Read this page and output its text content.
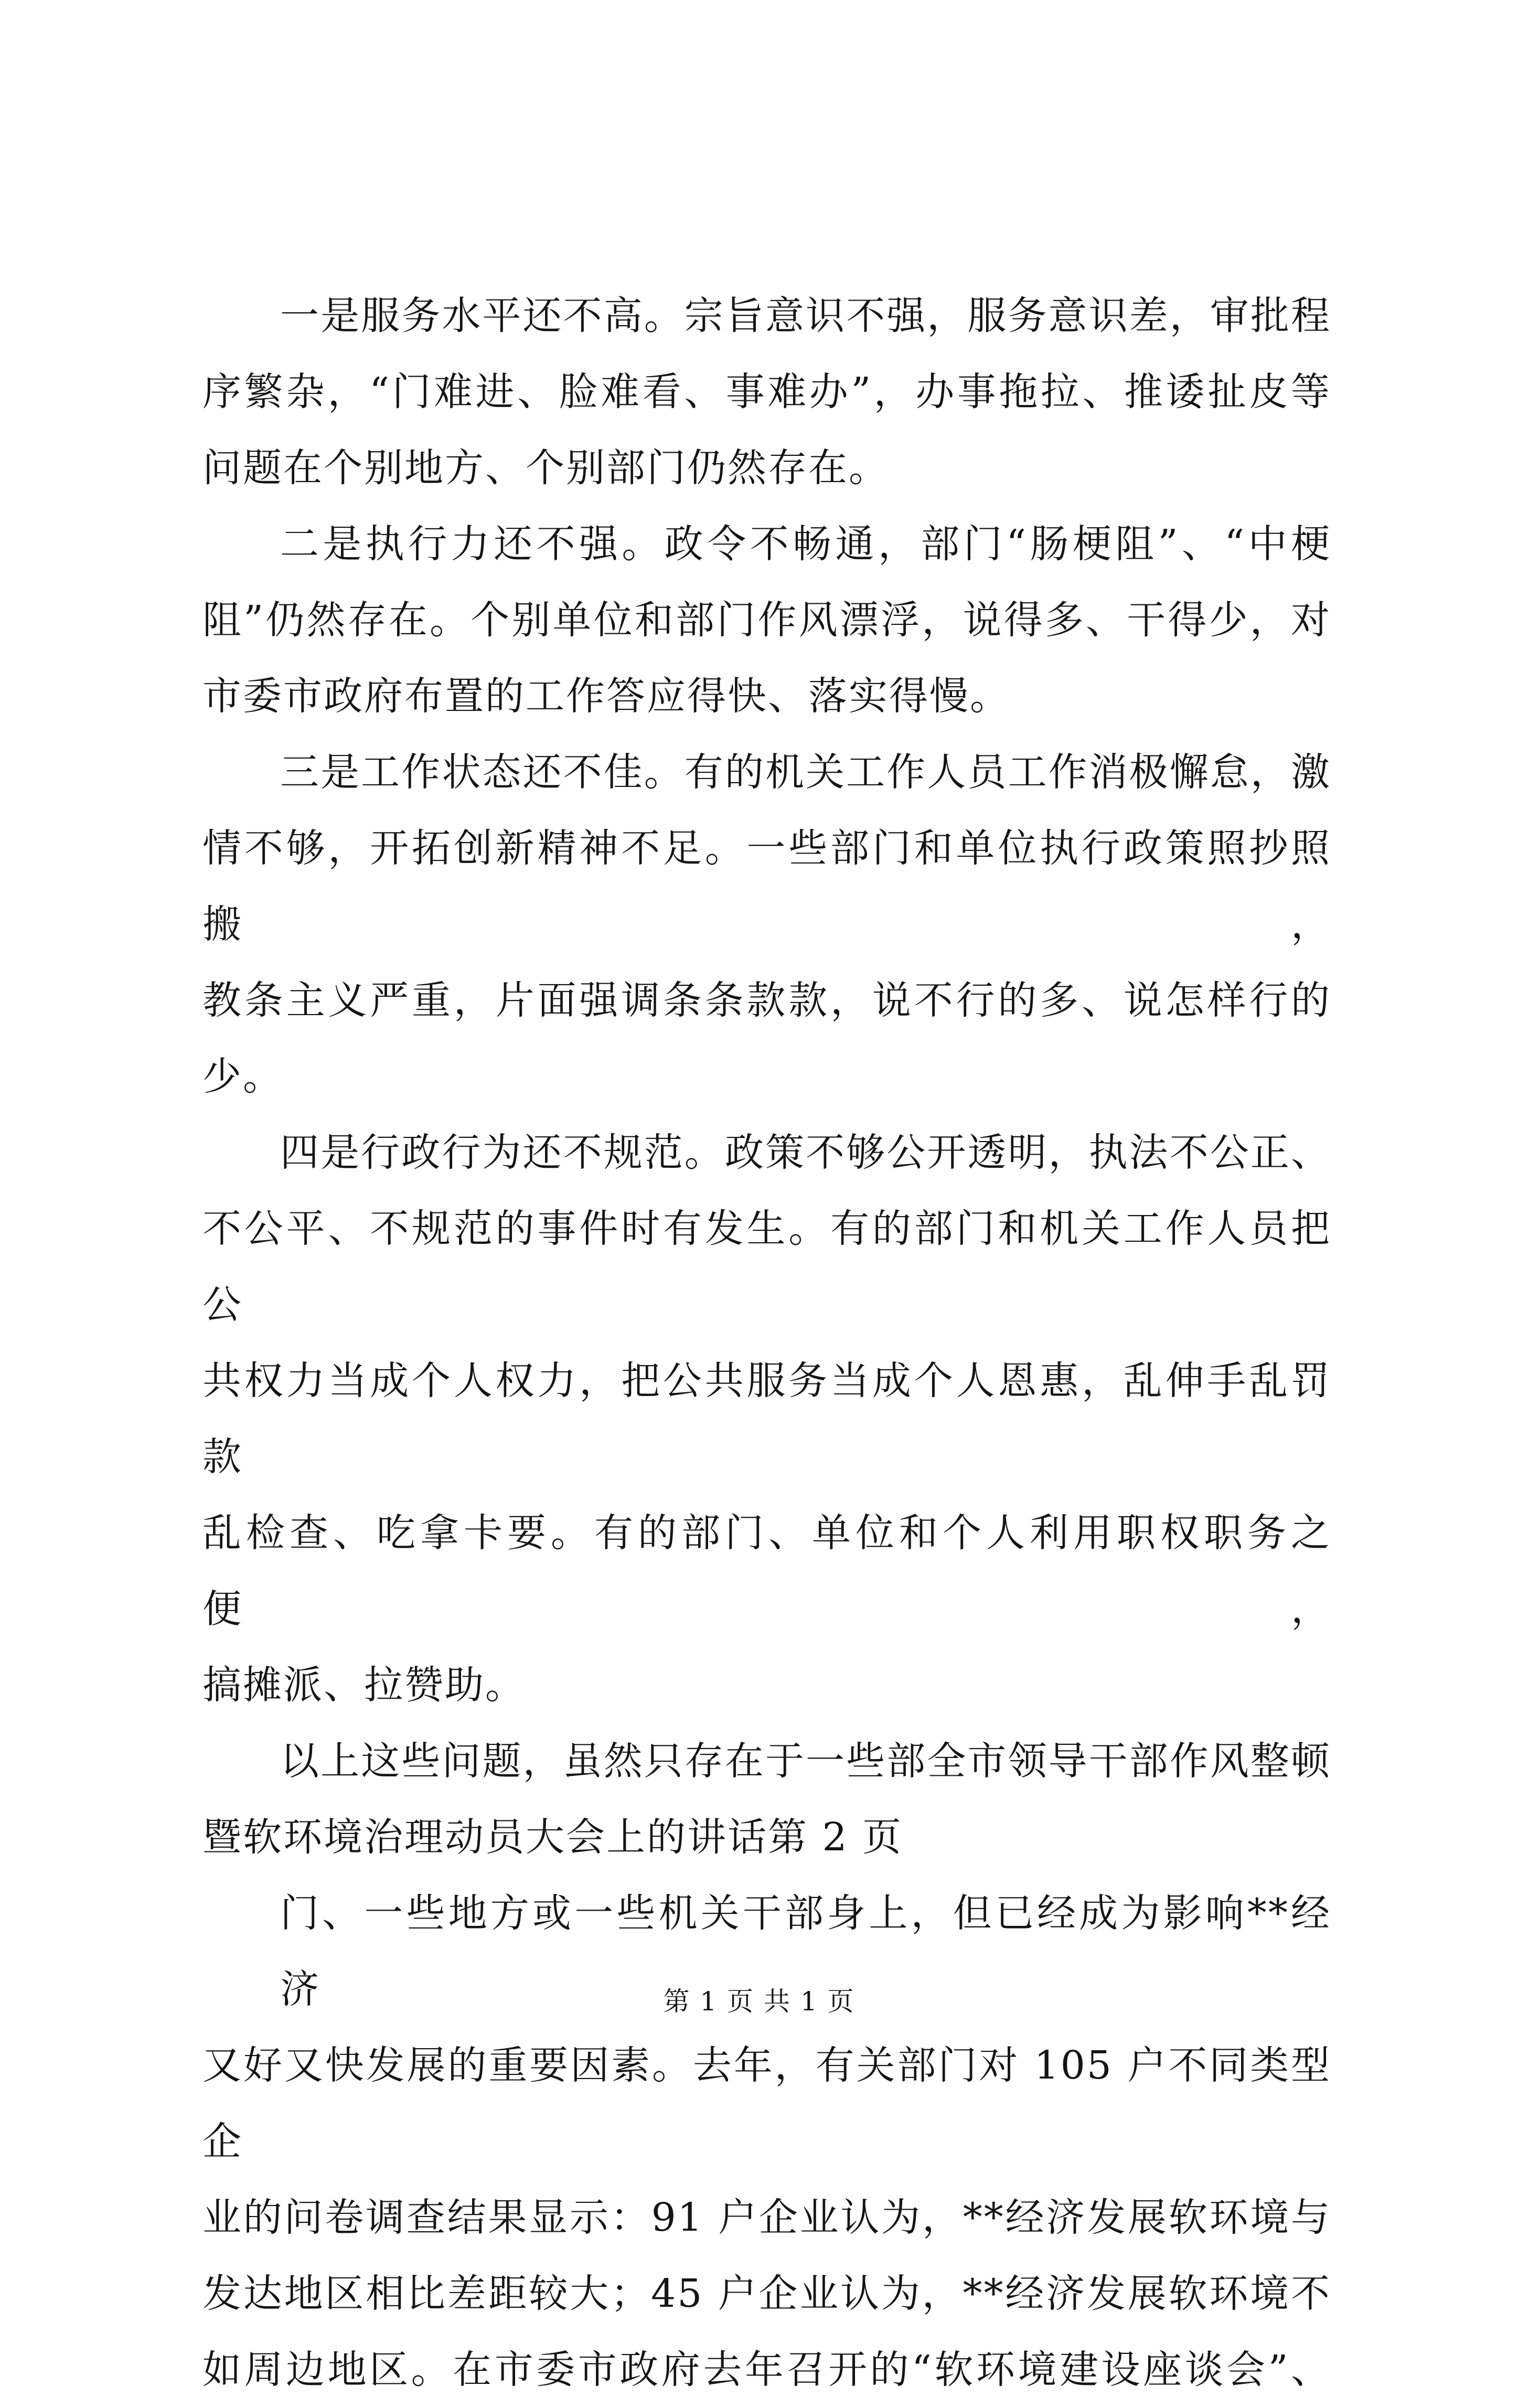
一是服务水平还不高。宗旨意识不强，服务意识差，审批程
序繁杂，“门难进、脸难看、事难办”，办事拖拉、推诿扯皮等
问题在个别地方、个别部门仍然存在。

二是执行力还不强。政令不畅通，部门“肠梗阻”、“中梗
阻”仍然存在。个别单位和部门作风漂浮，说得多、干得少，对
市委市政府布置的工作答应得快、落实得慢。

三是工作状态还不佳。有的机关工作人员工作消极懈怠，激
情不够，开拓创新精神不足。一些部门和单位执行政策照抄照搬，
教条主义严重，片面强调条条款款，说不行的多、说怎样行的少。

四是行政行为还不规范。政策不够公开透明，执法不公正、
不公平、不规范的事件时有发生。有的部门和机关工作人员把公
共权力当成个人权力，把公共服务当成个人恩惠，乱伸手乱罚款
乱检查、吃拿卡要。有的部门、单位和个人利用职权职务之便，
搞摊派、拉赞助。

以上这些问题，虽然只存在于一些部全市领导干部作风整顿
暨软环境治理动员大会上的讲话第 2 页

门、一些地方或一些机关干部身上，但已经成为影响**经济
又好又快发展的重要因素。去年，有关部门对 105 户不同类型企
业的问卷调查结果显示：91 户企业认为，**经济发展软环境与
发达地区相比差距较大；45 户企业认为，**经济发展软环境不
如周边地区。在市委市政府去年召开的“软环境建设座谈会”、

第 1 页 共 1 页
